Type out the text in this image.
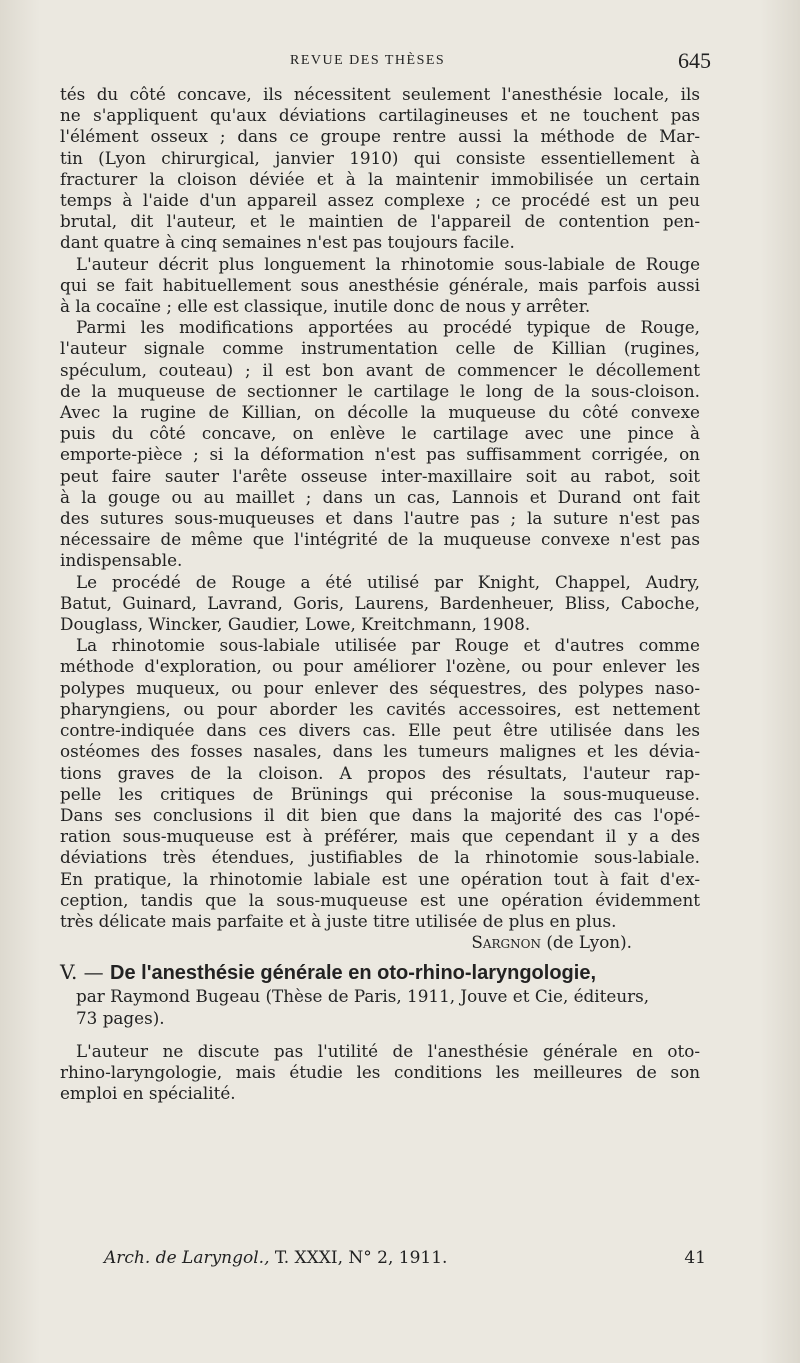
REVUE DES THÈSES	645
tés du côté concave, ils nécessitent seulement l'anesthésie locale, ils
ne s'appliquent qu'aux déviations cartilagineuses et ne touchent pas
l'élément osseux ; dans ce groupe rentre aussi la méthode de Mar-
tin (Lyon chirurgical, janvier 1910) qui consiste essentiellement à
fracturer la cloison déviée et à la maintenir immobilisée un certain
temps à l'aide d'un appareil assez complexe ; ce procédé est un peu
brutal, dit l'auteur, et le maintien de l'appareil de contention pen-
dant quatre à cinq semaines n'est pas toujours facile.
L'auteur décrit plus longuement la rhinotomie sous-labiale de Rouge
qui se fait habituellement sous anesthésie générale, mais parfois aussi
à la cocaïne ; elle est classique, inutile donc de nous y arrêter.
Parmi les modifications apportées au procédé typique de Rouge,
l'auteur signale comme instrumentation celle de Killian (rugines,
spéculum, couteau) ; il est bon avant de commencer le décollement
de la muqueuse de sectionner le cartilage le long de la sous-cloison.
Avec la rugine de Killian, on décolle la muqueuse du côté convexe
puis du côté concave, on enlève le cartilage avec une pince à
emporte-pièce ; si la déformation n'est pas suffisamment corrigée, on
peut faire sauter l'arête osseuse inter-maxillaire soit au rabot, soit
à la gouge ou au maillet ; dans un cas, Lannois et Durand ont fait
des sutures sous-muqueuses et dans l'autre pas ; la suture n'est pas
nécessaire de même que l'intégrité de la muqueuse convexe n'est pas
indispensable.
Le procédé de Rouge a été utilisé par Knight, Chappel, Audry,
Batut, Guinard, Lavrand, Goris, Laurens, Bardenheuer, Bliss, Caboche,
Douglass, Wincker, Gaudier, Lowe, Kreitchmann, 1908.
La rhinotomie sous-labiale utilisée par Rouge et d'autres comme
méthode d'exploration, ou pour améliorer l'ozène, ou pour enlever les
polypes muqueux, ou pour enlever des séquestres, des polypes naso-
pharyngiens, ou pour aborder les cavités accessoires, est nettement
contre-indiquée dans ces divers cas. Elle peut être utilisée dans les
ostéomes des fosses nasales, dans les tumeurs malignes et les dévia-
tions graves de la cloison. A propos des résultats, l'auteur rap-
pelle les critiques de Brünings qui préconise la sous-muqueuse.
Dans ses conclusions il dit bien que dans la majorité des cas l'opé-
ration sous-muqueuse est à préférer, mais que cependant il y a des
déviations très étendues, justifiables de la rhinotomie sous-labiale.
En pratique, la rhinotomie labiale est une opération tout à fait d'ex-
ception, tandis que la sous-muqueuse est une opération évidemment
très délicate mais parfaite et à juste titre utilisée de plus en plus.
Sargnon (de Lyon).
V. — De l'anesthésie générale en oto-rhino-laryngologie,
par Raymond Bugeau (Thèse de Paris, 1911, Jouve et Cie, éditeurs,
73 pages).
L'auteur ne discute pas l'utilité de l'anesthésie générale en oto-
rhino-laryngologie, mais étudie les conditions les meilleures de son
emploi en spécialité.
Arch. de Laryngol., T. XXXI, N° 2, 1911.	41
